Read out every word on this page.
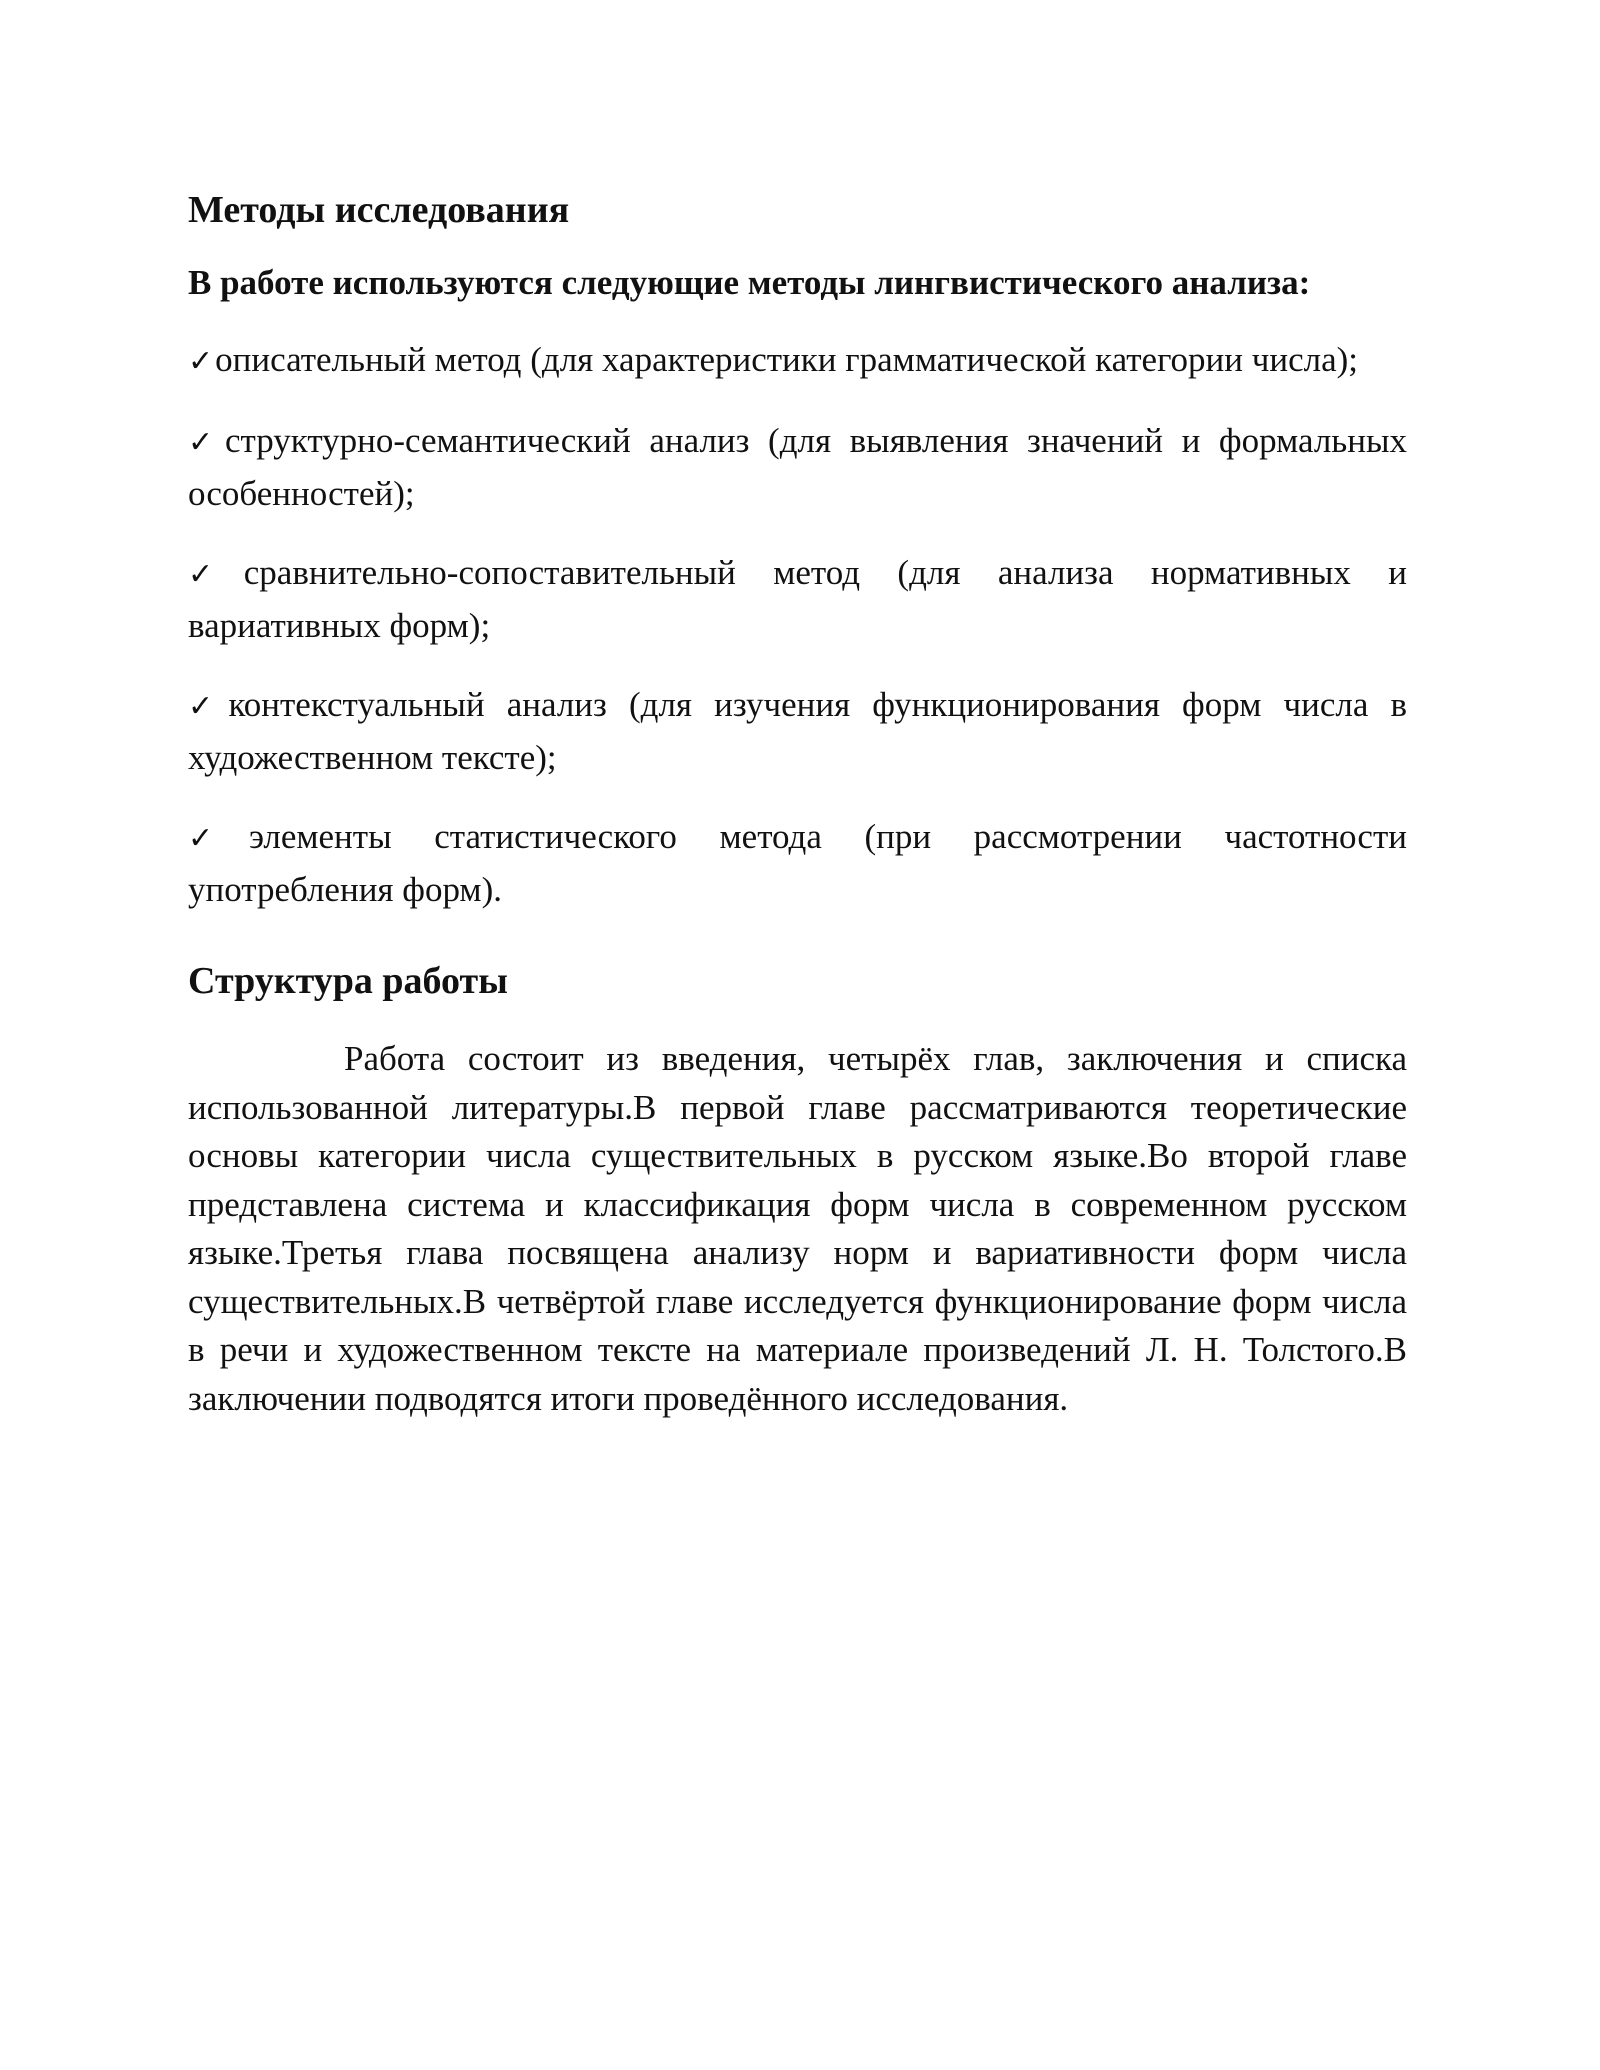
Методы исследования

В работе используются следующие методы лингвистического анализа:

✓описательный метод (для характеристики грамматической категории числа);
✓структурно-семантический анализ (для выявления значений и формальных особенностей);
✓сравнительно-сопоставительный метод (для анализа нормативных и вариативных форм);
✓контекстуальный анализ (для изучения функционирования форм числа в художественном тексте);
✓элементы статистического метода (при рассмотрении частотности употребления форм).
Структура работы

Работа состоит из введения, четырёх глав, заключения и списка использованной литературы.В первой главе рассматриваются теоретические основы категории числа существительных в русском языке.Во второй главе представлена система и классификация форм числа в современном русском языке.Третья глава посвящена анализу норм и вариативности форм числа существительных.В четвёртой главе исследуется функционирование форм числа в речи и художественном тексте на материале произведений Л. Н. Толстого.В заключении подводятся итоги проведённого исследования.
